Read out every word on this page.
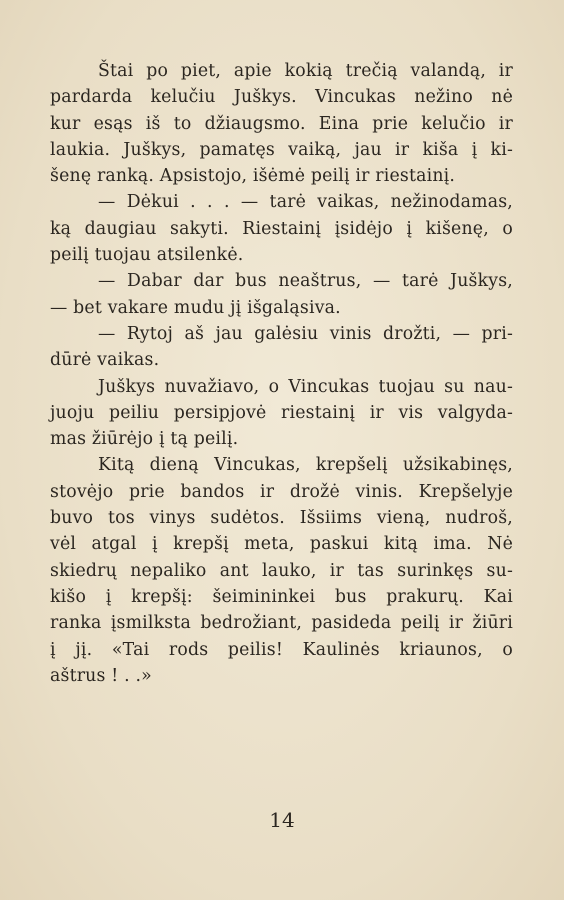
Štai po piet, apie kokią trečią valandą, ir
pardarda kelučiu Juškys. Vincukas nežino nė
kur esąs iš to džiaugsmo. Eina prie kelučio ir
laukia. Juškys, pamatęs vaiką, jau ir kiša į ki-
šenę ranką. Apsistojo, išėmė peilį ir riestainį.
— Dėkui . . . — tarė vaikas, nežinodamas,
ką daugiau sakyti. Riestainį įsidėjo į kišenę, o
peilį tuojau atsilenkė.
— Dabar dar bus neaštrus, — tarė Juškys,
— bet vakare mudu jį išgaląsiva.
— Rytoj aš jau galėsiu vinis drožti, — pri-
dūrė vaikas.
Juškys nuvažiavo, o Vincukas tuojau su nau-
juoju peiliu persipjovė riestainį ir vis valgyda-
mas žiūrėjo į tą peilį.
Kitą dieną Vincukas, krepšelį užsikabinęs,
stovėjo prie bandos ir drožė vinis. Krepšelyje
buvo tos vinys sudėtos. Išsiims vieną, nudroš,
vėl atgal į krepšį meta, paskui kitą ima. Nė
skiedrų nepaliko ant lauko, ir tas surinkęs su-
kišo į krepšį: šeimininkei bus prakurų. Kai
ranka įsmilksta bedrožiant, pasideda peilį ir žiūri
į jį. «Tai rods peilis! Kaulinės kriaunos, o
aštrus ! . .»
14
